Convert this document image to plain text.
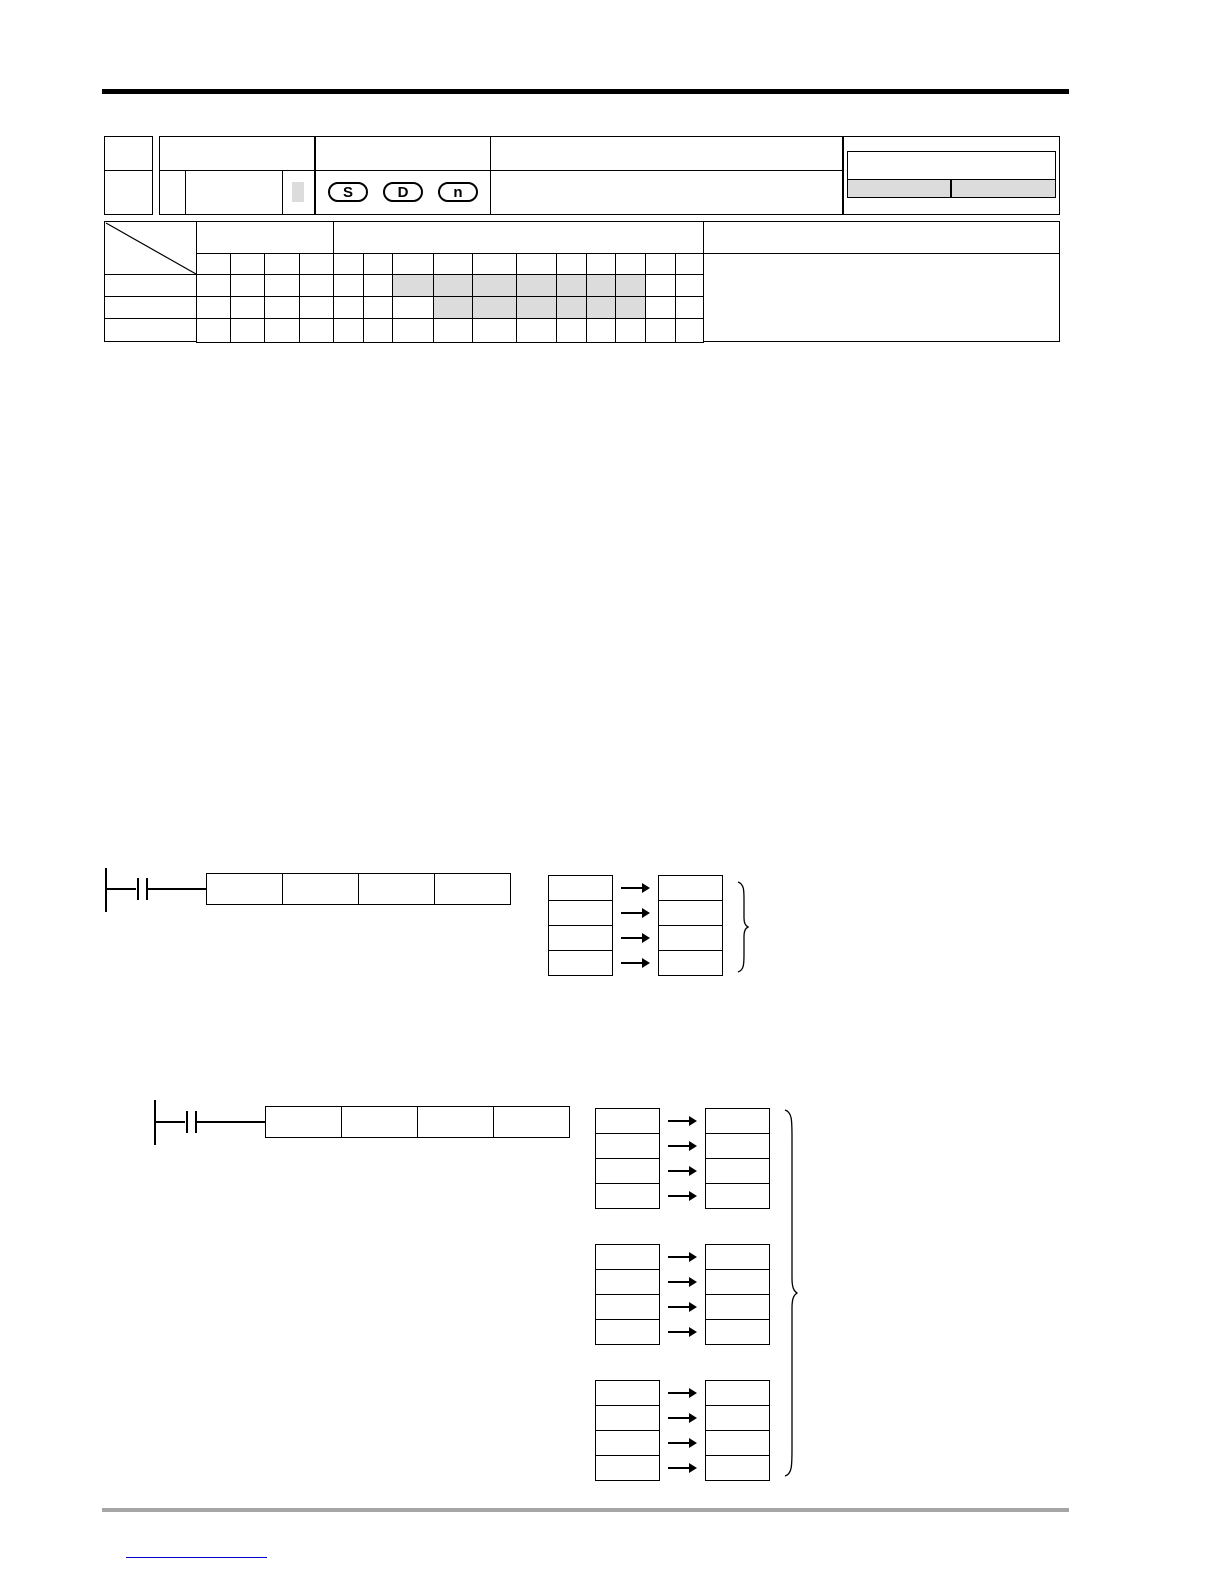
S	D	n
